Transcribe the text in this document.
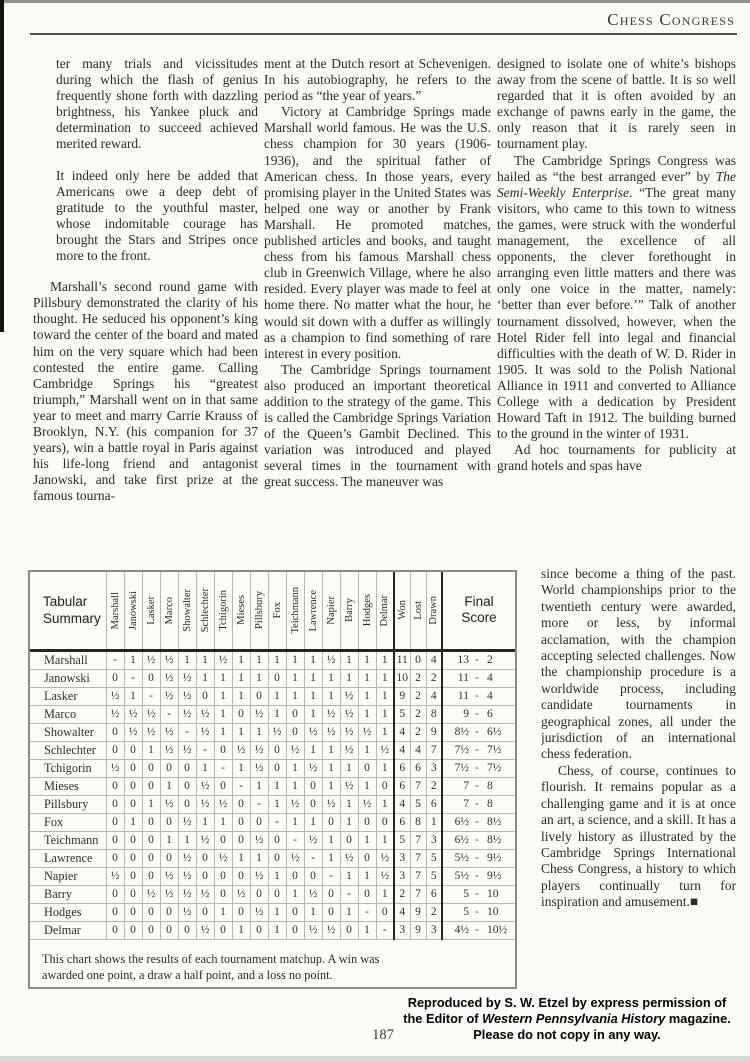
Chess Congress
ter many trials and vicissitudes during which the flash of genius frequently shone forth with dazzling brightness, his Yankee pluck and determination to succeed achieved merited reward.
It indeed only here be added that Americans owe a deep debt of gratitude to the youthful master, whose indomitable courage has brought the Stars and Stripes once more to the front.
Marshall’s second round game with Pillsbury demonstrated the clarity of his thought. He seduced his opponent’s king toward the center of the board and mated him on the very square which had been contested the entire game. Calling Cambridge Springs his “greatest triumph,” Marshall went on in that same year to meet and marry Carrie Krauss of Brooklyn, N.Y. (his companion for 37 years), win a battle royal in Paris against his life-long friend and antagonist Janowski, and take first prize at the famous tourna-
ment at the Dutch resort at Schevenigen. In his autobiography, he refers to the period as “the year of years.”
Victory at Cambridge Springs made Marshall world famous. He was the U.S. chess champion for 30 years (1906-1936), and the spiritual father of American chess. In those years, every promising player in the United States was helped one way or another by Frank Marshall. He promoted matches, published articles and books, and taught chess from his famous Marshall chess club in Greenwich Village, where he also resided. Every player was made to feel at home there. No matter what the hour, he would sit down with a duffer as willingly as a champion to find something of rare interest in every position.
The Cambridge Springs tournament also produced an important theoretical addition to the strategy of the game. This is called the Cambridge Springs Variation of the Queen’s Gambit Declined. This variation was introduced and played several times in the tournament with great success. The maneuver was
designed to isolate one of white’s bishops away from the scene of battle. It is so well regarded that it is often avoided by an exchange of pawns early in the game, the only reason that it is rarely seen in tournament play.
The Cambridge Springs Congress was hailed as “the best arranged ever” by The Semi-Weekly Enterprise. “The great many visitors, who came to this town to witness the games, were struck with the wonderful management, the excellence of all opponents, the clever forethought in arranging even little matters and there was only one voice in the matter, namely: ‘better than ever before.’” Talk of another tournament dissolved, however, when the Hotel Rider fell into legal and financial difficulties with the death of W. D. Rider in 1905. It was sold to the Polish National Alliance in 1911 and converted to Alliance College with a dedication by President Howard Taft in 1912. The building burned to the ground in the winter of 1931.
Ad hoc tournaments for publicity at grand hotels and spas have
since become a thing of the past. World championships prior to the twentieth century were awarded, more or less, by informal acclamation, with the champion accepting selected challenges. Now the championship procedure is a worldwide process, including candidate tournaments in geographical zones, all under the jurisdiction of an international chess federation.
Chess, of course, continues to flourish. It remains popular as a challenging game and it is at once an art, a science, and a skill. It has a lively history as illustrated by the Cambridge Springs International Chess Congress, a history to which players continually turn for inspiration and amusement.■
Tabular
Summary	Marshall	Janowski	Lasker	Marco	Showalter	Schlechter	Tchigorin	Mieses	Pillsbury	Fox	Teichmann	Lawrence	Napier	Barry	Hodges	Delmar	Won	Lost	Drawn	Final
Score

Marshall	-	1	½	½	1	1	½	1	1	1	1	1	½	1	1	1	11	0	4	13 - 2

Janowski	0	-	0	½	½	1	1	1	1	0	1	1	1	1	1	1	10	2	2	11 - 4

Lasker	½	1	-	½	½	0	1	1	0	1	1	1	1	½	1	1	9	2	4	11 - 4

Marco	½	½	½	-	½	½	1	0	½	1	0	1	½	½	1	1	5	2	8	9 - 6

Showalter	0	½	½	½	-	½	1	1	1	½	0	½	½	½	½	1	4	2	9	8½ - 6½

Schlechter	0	0	1	½	½	-	0	½	½	0	½	1	1	½	1	½	4	4	7	7½ - 7½

Tchigorin	½	0	0	0	0	1	-	1	½	0	1	½	1	1	0	1	6	6	3	7½ - 7½

Mieses	0	0	0	1	0	½	0	-	1	1	1	0	1	½	1	0	6	7	2	7 - 8

Pillsbury	0	0	1	½	0	½	½	0	-	1	½	0	½	1	½	1	4	5	6	7 - 8

Fox	0	1	0	0	½	1	1	0	0	-	1	1	0	1	0	0	6	8	1	6½ - 8½

Teichmann	0	0	0	1	1	½	0	0	½	0	-	½	1	0	1	1	5	7	3	6½ - 8½

Lawrence	0	0	0	0	½	0	½	1	1	0	½	-	1	½	0	½	3	7	5	5½ - 9½

Napier	½	0	0	½	½	0	0	0	½	1	0	0	-	1	1	½	3	7	5	5½ - 9½

Barry	0	0	½	½	½	½	0	½	0	0	1	½	0	-	0	1	2	7	6	5 - 10

Hodges	0	0	0	0	½	0	1	0	½	1	0	1	0	1	-	0	4	9	2	5 - 10

Delmar	0	0	0	0	0	½	0	1	0	1	0	½	½	0	1	-	3	9	3	4½ - 10½
This chart shows the results of each tournament matchup. A win was
awarded one point, a draw a half point, and a loss no point.
Reproduced by S. W. Etzel by express permission of
the Editor of Western Pennsylvania History magazine.
Please do not copy in any way.
187
